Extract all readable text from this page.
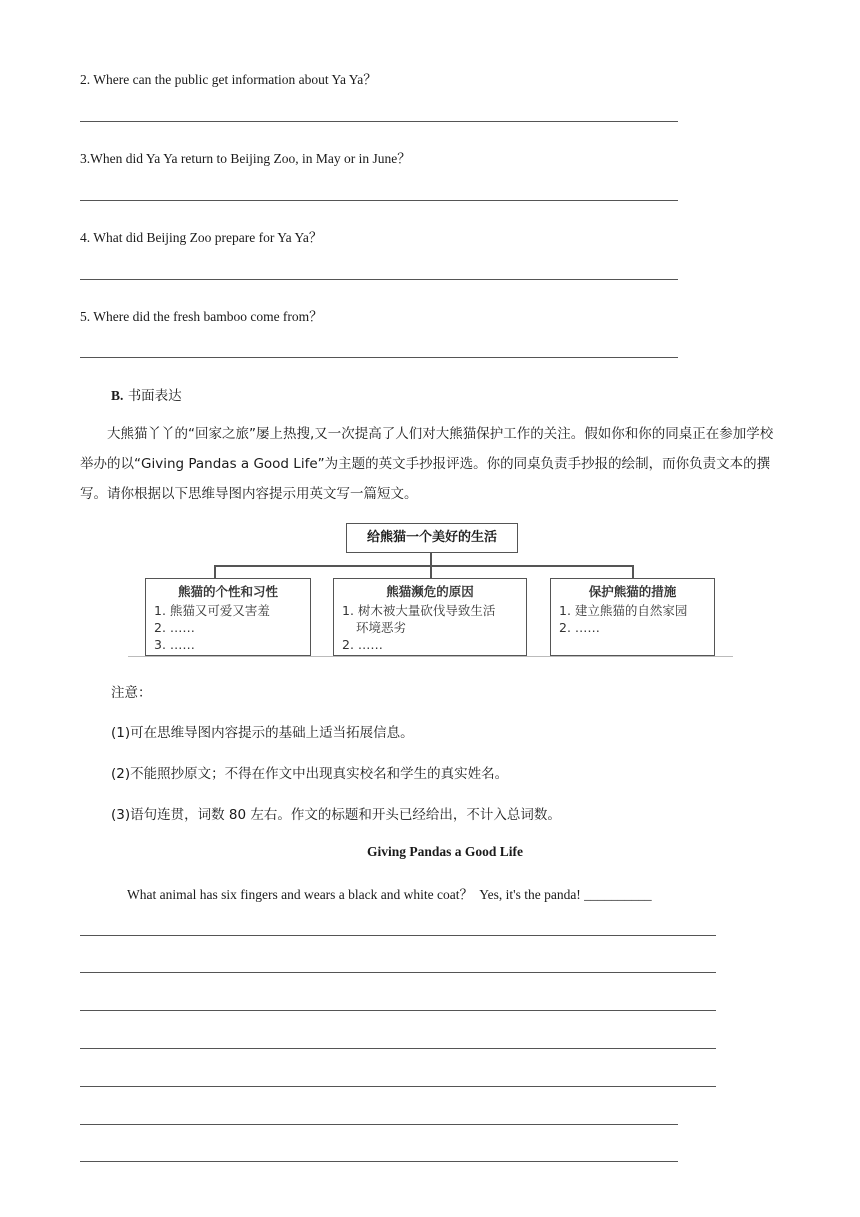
2. Where can the public get information about Ya Ya？
3.When did Ya Ya return to Beijing Zoo, in May or in June？
4. What did Beijing Zoo prepare for Ya Ya？
5. Where did the fresh bamboo come from？
B. 书面表达
大熊猫丫丫的“回家之旅”屡上热搜,又一次提高了人们对大熊猫保护工作的关注。假如你和你的同桌正在参加学校举办的以“Giving Pandas a Good Life”为主题的英文手抄报评选。你的同桌负责手抄报的绘制，而你负责文本的撰写。请你根据以下思维导图内容提示用英文写一篇短文。
给熊猫一个美好的生活
熊猫的个性和习性
1. 熊猫又可爱又害羞
2. ……
3. ……
熊猫濒危的原因
1. 树木被大量砍伐导致生活
环境恶劣
2. ……
保护熊猫的措施
1. 建立熊猫的自然家园
2. ……
注意：
(1)可在思维导图内容提示的基础上适当拓展信息。
(2)不能照抄原文；不得在作文中出现真实校名和学生的真实姓名。
(3)语句连贯，词数 80 左右。作文的标题和开头已经给出，不计入总词数。
Giving Pandas a Good Life
What animal has six fingers and wears a black and white coat？  Yes, it's the panda! __________
